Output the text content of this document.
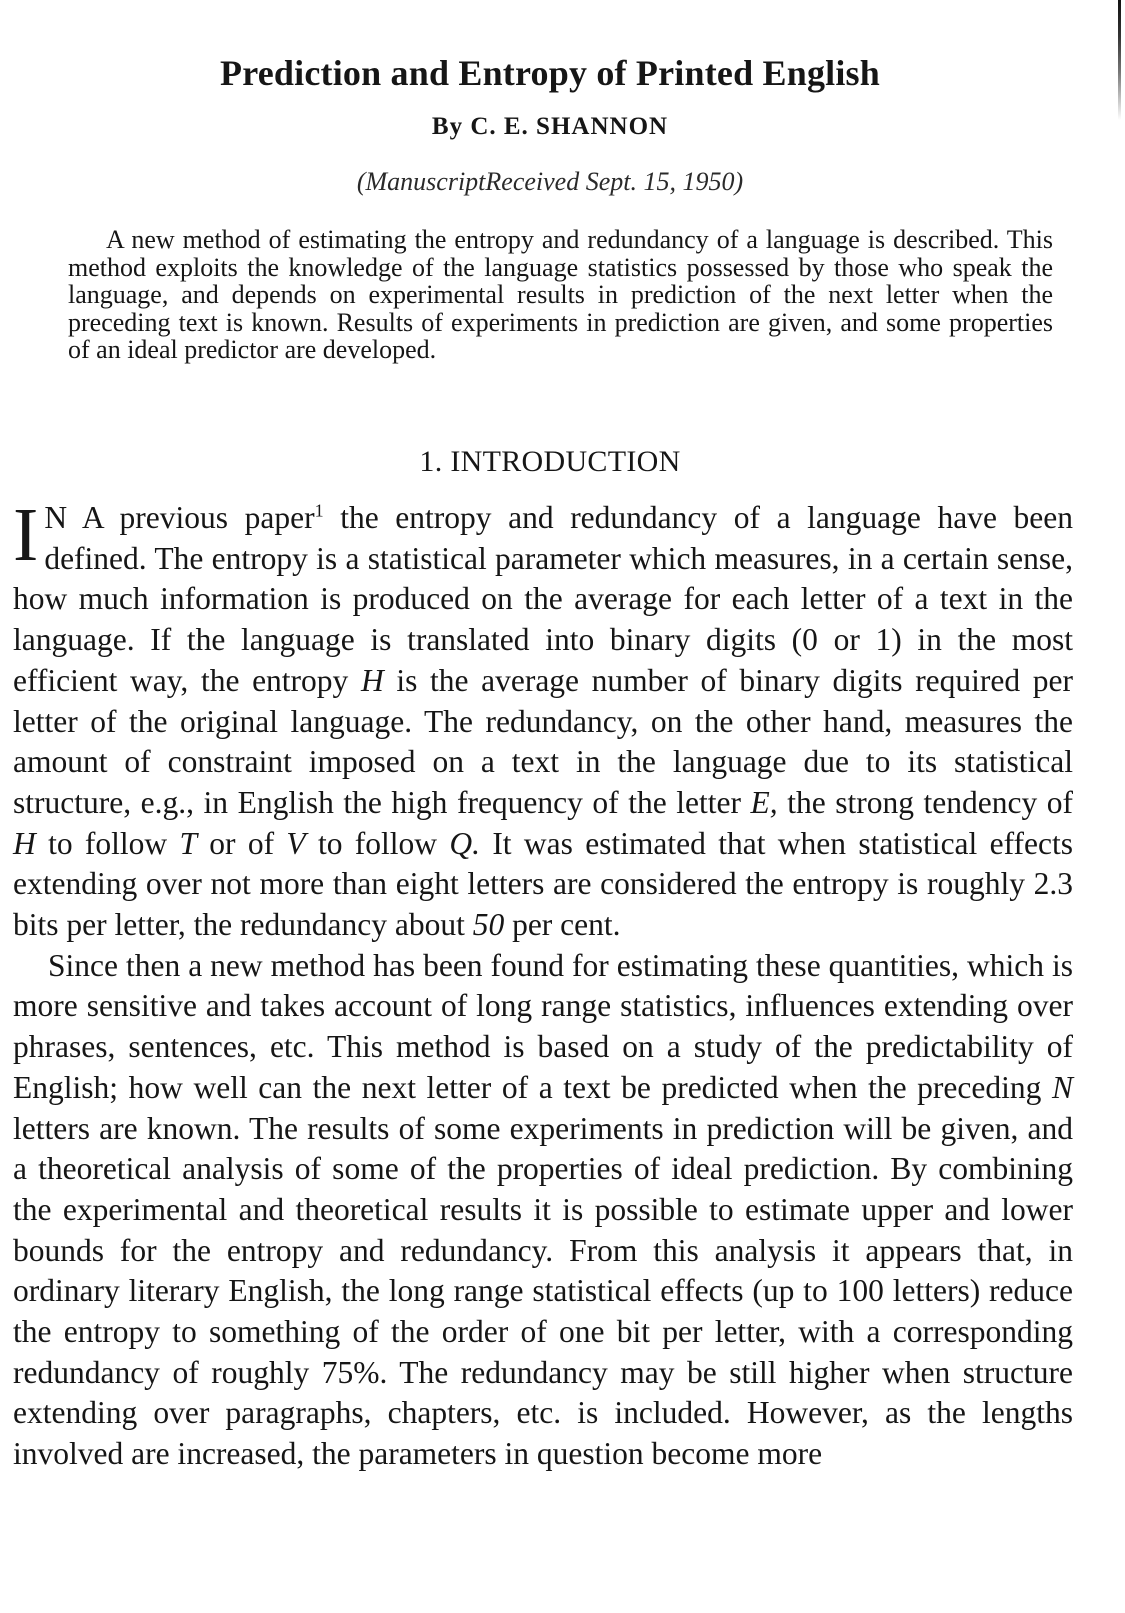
Prediction and Entropy of Printed English
By C. E. SHANNON
(ManuscriptReceived Sept. 15, 1950)
A new method of estimating the entropy and redundancy of a language is described. This method exploits the knowledge of the language statistics possessed by those who speak the language, and depends on experimental results in prediction of the next letter when the preceding text is known. Results of experiments in prediction are given, and some properties of an ideal predictor are developed.
1. INTRODUCTION

I N A previous paper$^1$ the entropy and redundancy of a language have been defined. The entropy is a statistical parameter which measures, in a certain sense, how much information is produced on the average for each letter of a text in the language. If the language is translated into binary digits (0 or 1) in the most efficient way, the entropy H is the average number of binary digits required per letter of the original language. The redundancy, on the other hand, measures the amount of constraint imposed on a text in the language due to its statistical structure, e.g., in English the high frequency of the letter E, the strong tendency of H to follow T or of V to follow Q. It was estimated that when statistical effects extending over not more than eight letters are considered the entropy is roughly 2.3 bits per letter, the redundancy about 50 per cent.

Since then a new method has been found for estimating these quantities, which is more sensitive and takes account of long range statistics, influences extending over phrases, sentences, etc. This method is based on a study of the predictability of English; how well can the next letter of a text be predicted when the preceding N letters are known. The results of some experiments in prediction will be given, and a theoretical analysis of some of the properties of ideal prediction. By combining the experimental and theoretical results it is possible to estimate upper and lower bounds for the entropy and redundancy. From this analysis it appears that, in ordinary literary English, the long range statistical effects (up to 100 letters) reduce the entropy to something of the order of one bit per letter, with a corresponding redundancy of roughly 75%. The redundancy may be still higher when structure extending over paragraphs, chapters, etc. is included. However, as the lengths involved are increased, the parameters in question become more
